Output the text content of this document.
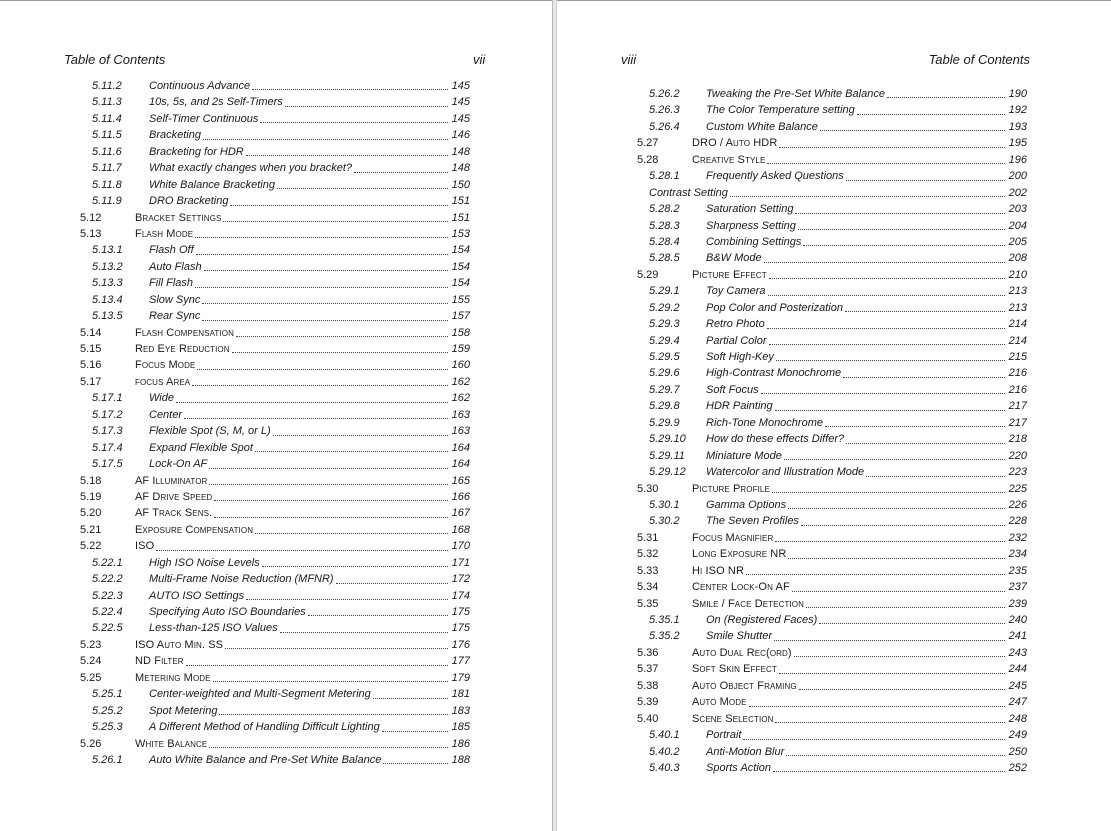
Table of Contents	vii
5.11.2 Continuous Advance	145
5.11.3 10s, 5s, and 2s Self-Timers	145
5.11.4 Self-Timer Continuous	145
5.11.5 Bracketing	146
5.11.6 Bracketing for HDR	148
5.11.7 What exactly changes when you bracket?	148
5.11.8 White Balance Bracketing	150
5.11.9 DRO Bracketing	151
5.12	Bracket Settings	151
5.13	Flash Mode	153
5.13.1 Flash Off	154
5.13.2 Auto Flash	154
5.13.3 Fill Flash	154
5.13.4 Slow Sync	155
5.13.5 Rear Sync	157
5.14	Flash Compensation	158
5.15	Red Eye Reduction	159
5.16	Focus Mode	160
5.17	focus Area	162
5.17.1 Wide	162
5.17.2 Center	163
5.17.3 Flexible Spot (S, M, or L)	163
5.17.4 Expand Flexible Spot	164
5.17.5 Lock-On AF	164
5.18	AF Illuminator	165
5.19	AF Drive Speed	166
5.20	AF Track Sens.	167
5.21	Exposure Compensation	168
5.22	ISO	170
5.22.1 High ISO Noise Levels	171
5.22.2 Multi-Frame Noise Reduction (MFNR)	172
5.22.3 AUTO ISO Settings	174
5.22.4 Specifying Auto ISO Boundaries	175
5.22.5 Less-than-125 ISO Values	175
5.23	ISO Auto Min. SS	176
5.24	ND Filter	177
5.25	Metering Mode	179
5.25.1 Center-weighted and Multi-Segment Metering	181
5.25.2 Spot Metering	183
5.25.3 A Different Method of Handling Difficult Lighting	185
5.26	White Balance	186
5.26.1 Auto White Balance and Pre-Set White Balance	188
viii	Table of Contents
5.26.2 Tweaking the Pre-Set White Balance	190
5.26.3 The Color Temperature setting	192
5.26.4 Custom White Balance	193
5.27	DRO / Auto HDR	195
5.28	Creative Style	196
5.28.1 Frequently Asked Questions	200
Contrast Setting	202
5.28.2 Saturation Setting	203
5.28.3 Sharpness Setting	204
5.28.4 Combining Settings	205
5.28.5 B&W Mode	208
5.29	Picture Effect	210
5.29.1 Toy Camera	213
5.29.2 Pop Color and Posterization	213
5.29.3 Retro Photo	214
5.29.4 Partial Color	214
5.29.5 Soft High-Key	215
5.29.6 High-Contrast Monochrome	216
5.29.7 Soft Focus	216
5.29.8 HDR Painting	217
5.29.9 Rich-Tone Monochrome	217
5.29.10 How do these effects Differ?	218
5.29.11 Miniature Mode	220
5.29.12 Watercolor and Illustration Mode	223
5.30	Picture Profile	225
5.30.1 Gamma Options	226
5.30.2 The Seven Profiles	228
5.31	Focus Magnifier	232
5.32	Long Exposure NR	234
5.33	Hi ISO NR	235
5.34	Center Lock-On AF	237
5.35	Smile / Face Detection	239
5.35.1 On (Registered Faces)	240
5.35.2 Smile Shutter	241
5.36	Auto Dual Rec(ord)	243
5.37	Soft Skin Effect	244
5.38	Auto Object Framing	245
5.39	Auto Mode	247
5.40	Scene Selection	248
5.40.1 Portrait	249
5.40.2 Anti-Motion Blur	250
5.40.3 Sports Action	252
